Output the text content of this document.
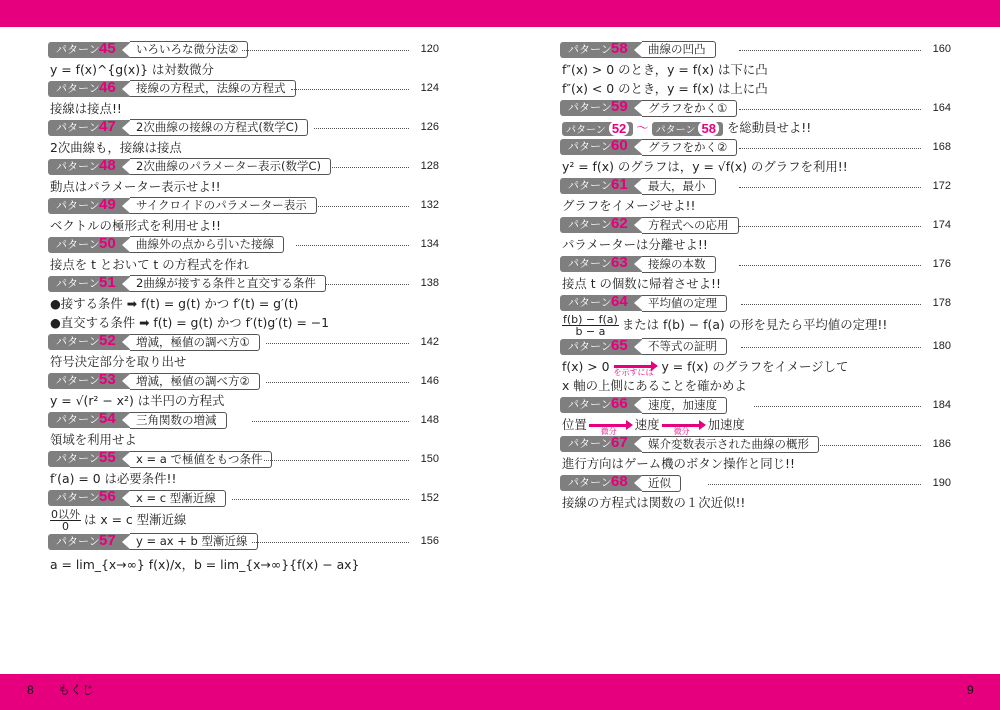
パターン 45	いろいろな微分法②	120
y = f(x)^{g(x)} は対数微分
パターン 46	接線の方程式，法線の方程式	124
接線は接点!!
パターン 47	2次曲線の接線の方程式(数学C)	126
2次曲線も，接線は接点
パターン 48	2次曲線のパラメーター表示(数学C)	128
動点はパラメーター表示せよ!!
パターン 49	サイクロイドのパラメーター表示	132
ベクトルの極形式を利用せよ!!
パターン 50	曲線外の点から引いた接線	134
接点を t とおいて t の方程式を作れ
パターン 51	2曲線が接する条件と直交する条件	138
●接する条件 ➡ f(t) = g(t) かつ f′(t) = g′(t)
●直交する条件 ➡ f(t) = g(t) かつ f′(t)g′(t) = −1
パターン 52	増減，極値の調べ方①	142
符号決定部分を取り出せ
パターン 53	増減，極値の調べ方②	146
y = √(r² − x²) は半円の方程式
パターン 54	三角関数の増減	148
領域を利用せよ
パターン 55	x = a で極値をもつ条件	150
f′(a) = 0 は必要条件!!
パターン 56	x = c 型漸近線	152
0以外
0	は x = c 型漸近線
パターン 57	y = ax + b 型漸近線	156
a = lim_{x→∞} f(x)/x，b = lim_{x→∞}{f(x) − ax}
パターン 58	曲線の凹凸	160
f″(x) > 0 のとき，y = f(x) は下に凸
f″(x) < 0 のとき，y = f(x) は上に凸
パターン 59	グラフをかく①	164
パターン 52 〜 パターン 58 を総動員せよ!!
パターン 60	グラフをかく②	168
y² = f(x) のグラフは，y = √f(x) のグラフを利用!!
パターン 61	最大，最小	172
グラフをイメージせよ!!
パターン 62	方程式への応用	174
パラメーターは分離せよ!!
パターン 63	接線の本数	176
接点 t の個数に帰着させよ!!
パターン 64	平均値の定理	178
$\frac{f(b) - f(a)}{b - a}$ または f(b) − f(a) の形を見たら平均値の定理!!
パターン 65	不等式の証明	180
f(x) > 0 を示すには y = f(x) のグラフをイメージして
x 軸の上側にあることを確かめよ
パターン 66	速度，加速度	184
位置	微分	速度	微分	加速度
パターン 67	媒介変数表示された曲線の概形	186
進行方向はゲーム機のボタン操作と同じ!!
パターン 68	近似	190
接線の方程式は関数の１次近似!!
8 もくじ	9
